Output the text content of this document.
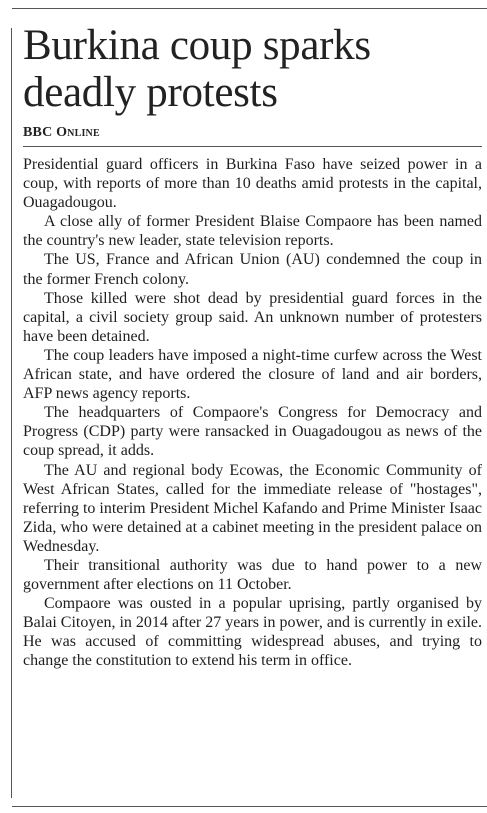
Burkina coup sparks deadly protests
BBC Online

Presidential guard officers in Burkina Faso have seized power in a coup, with reports of more than 10 deaths amid protests in the capital, Ouagadougou.

A close ally of former President Blaise Compaore has been named the country's new leader, state television reports.

The US, France and African Union (AU) condemned the coup in the former French colony.

Those killed were shot dead by presidential guard forces in the capital, a civil society group said. An unknown number of protesters have been detained.

The coup leaders have imposed a night-time curfew across the West African state, and have ordered the closure of land and air borders, AFP news agency reports.

The headquarters of Compaore's Congress for Democracy and Progress (CDP) party were ransacked in Ouagadougou as news of the coup spread, it adds.

The AU and regional body Ecowas, the Economic Community of West African States, called for the immediate release of "hostages", referring to interim President Michel Kafando and Prime Minister Isaac Zida, who were detained at a cabinet meeting in the president palace on Wednesday.

Their transitional authority was due to hand power to a new government after elections on 11 October.

Compaore was ousted in a popular uprising, partly organised by Balai Citoyen, in 2014 after 27 years in power, and is currently in exile. He was accused of committing widespread abuses, and trying to change the constitution to extend his term in office.
